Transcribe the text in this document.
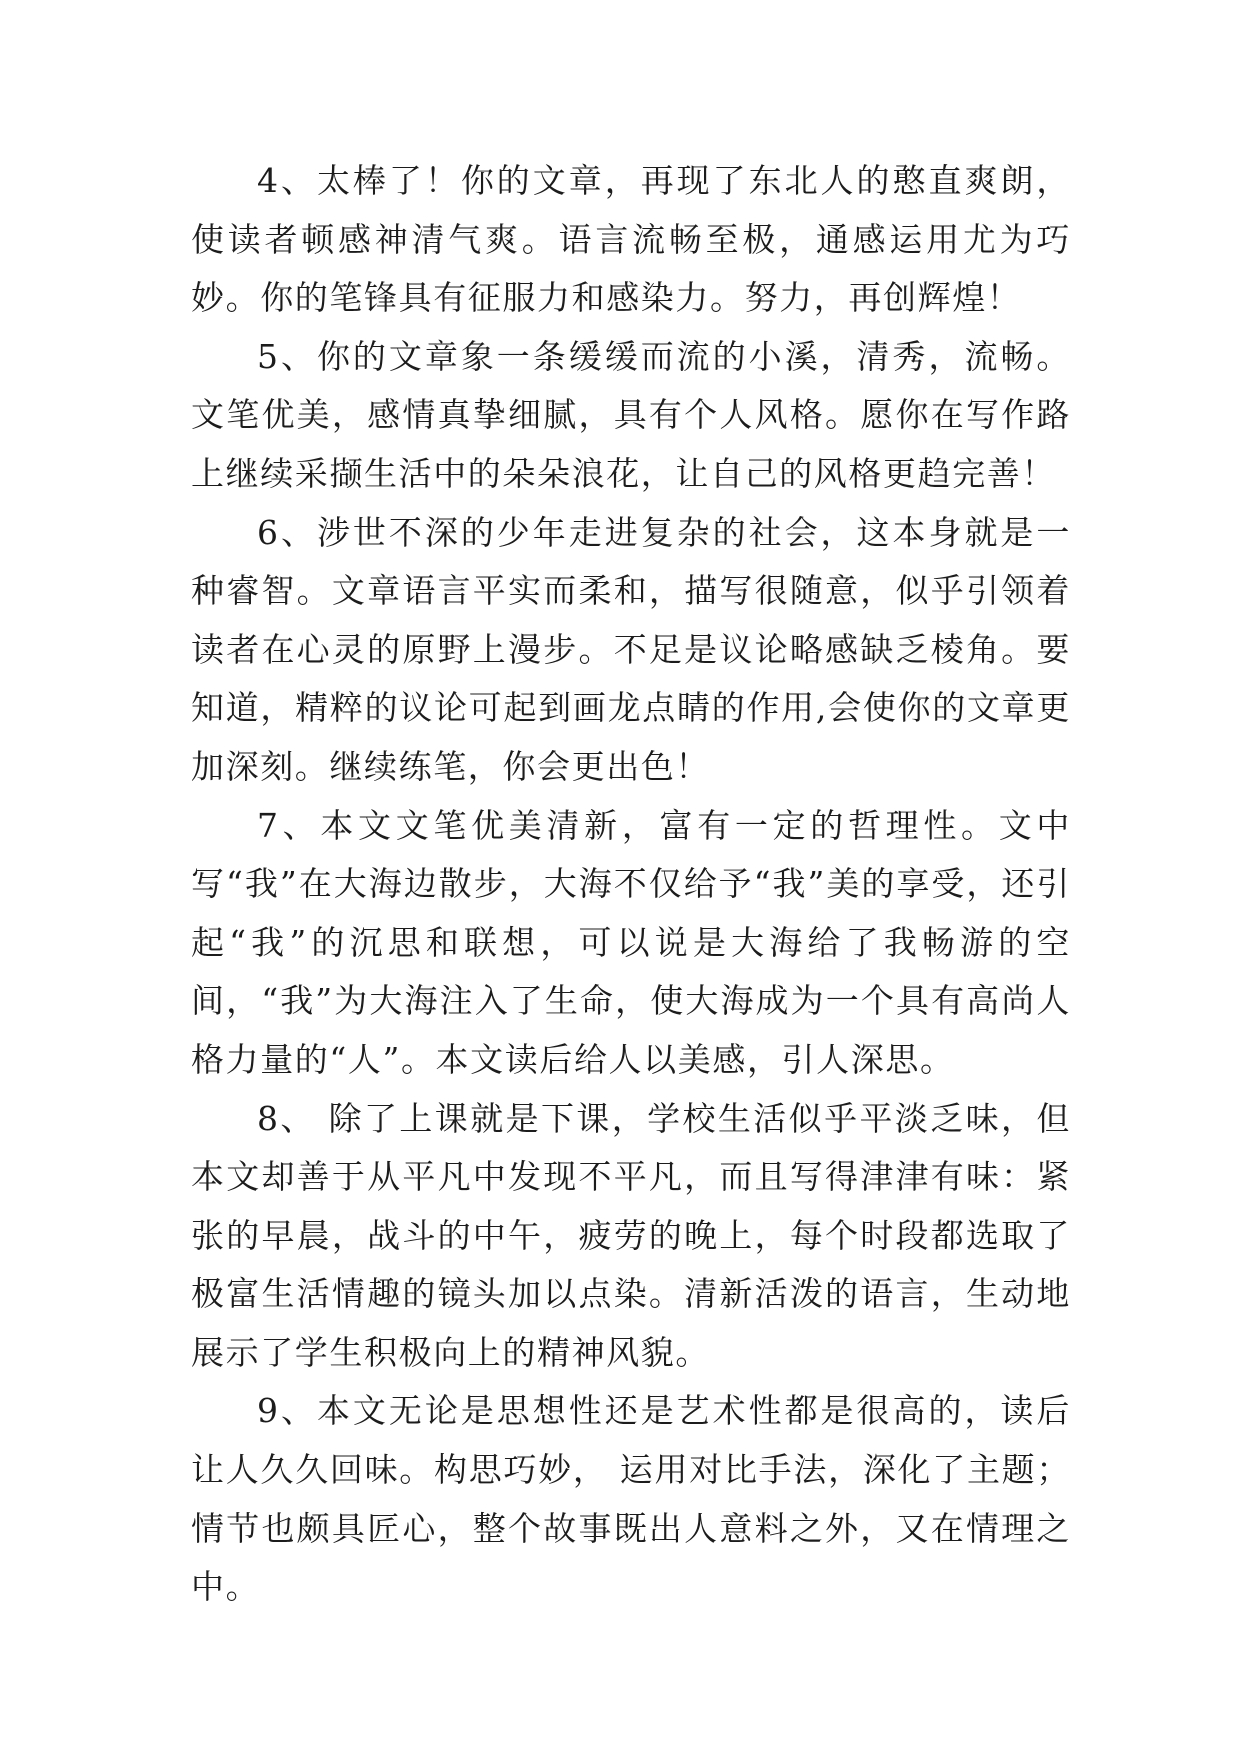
4、太棒了！你的文章，再现了东北人的憨直爽朗，使读者顿感神清气爽。语言流畅至极，通感运用尤为巧妙。你的笔锋具有征服力和感染力。努力，再创辉煌！

5、你的文章象一条缓缓而流的小溪，清秀，流畅。文笔优美，感情真挚细腻，具有个人风格。愿你在写作路上继续采撷生活中的朵朵浪花，让自己的风格更趋完善！

6、涉世不深的少年走进复杂的社会，这本身就是一种睿智。文章语言平实而柔和，描写很随意，似乎引领着读者在心灵的原野上漫步。不足是议论略感缺乏棱角。要知道，精粹的议论可起到画龙点睛的作用,会使你的文章更加深刻。继续练笔，你会更出色！

7、本文文笔优美清新，富有一定的哲理性。文中写“我”在大海边散步，大海不仅给予“我”美的享受，还引起“我”的沉思和联想，可以说是大海给了我畅游的空间，“我”为大海注入了生命，使大海成为一个具有高尚人格力量的“人”。本文读后给人以美感，引人深思。

8、 除了上课就是下课，学校生活似乎平淡乏味，但本文却善于从平凡中发现不平凡，而且写得津津有味：紧张的早晨，战斗的中午，疲劳的晚上，每个时段都选取了极富生活情趣的镜头加以点染。清新活泼的语言，生动地展示了学生积极向上的精神风貌。

9、本文无论是思想性还是艺术性都是很高的，读后让人久久回味。构思巧妙， 运用对比手法，深化了主题；情节也颇具匠心，整个故事既出人意料之外，又在情理之中。
